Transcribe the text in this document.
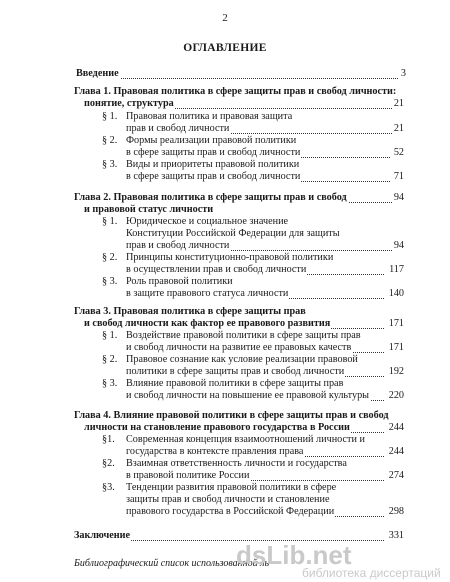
2
ОГЛАВЛЕНИЕ
Введение	3
Глава 1. Правовая политика в сфере защиты прав и свобод личности:
понятие, структура	21
§ 1. Правовая политика и правовая защита
прав и свобод личности	21
§ 2. Формы реализации правовой политики
в сфере защиты прав и свобод личности	52
§ 3. Виды и приоритеты правовой политики
в сфере защиты прав и свобод личности	71
Глава 2. Правовая политика в сфере защиты прав и свобод	94
и правовой статус личности
§ 1. Юридическое и социальное значение
Конституции Российской Федерации для защиты
прав и свобод личности	94
§ 2. Принципы конституционно-правовой политики
в осуществлении прав и свобод личности	117
§ 3. Роль правовой политики
в защите правового статуса личности	140
Глава 3. Правовая политика в сфере защиты прав
и свобод личности как фактор ее правового развития	171
§ 1. Воздействие правовой политики в сфере защиты прав
и свобод личности на развитие ее правовых качеств	171
§ 2. Правовое сознание как условие реализации правовой
политики в сфере защиты прав и свобод личности	192
§ 3. Влияние правовой политики в сфере защиты прав
и свобод личности на повышение ее правовой культуры	220
Глава 4. Влияние правовой политики в сфере защиты прав и свобод
личности на становление правового государства в России	244
§1. Современная концепция взаимоотношений личности и
государства в контексте правления права	244
§2. Взаимная ответственность личности и государства
в правовой политике России	274
§3. Тенденции развития правовой политики в сфере
защиты прав и свобод личности и становление
правового государства в Российской Федерации	298
Заключение	331
Библиографический список использованной ль
dsLib.net
библиотека диссертаций
